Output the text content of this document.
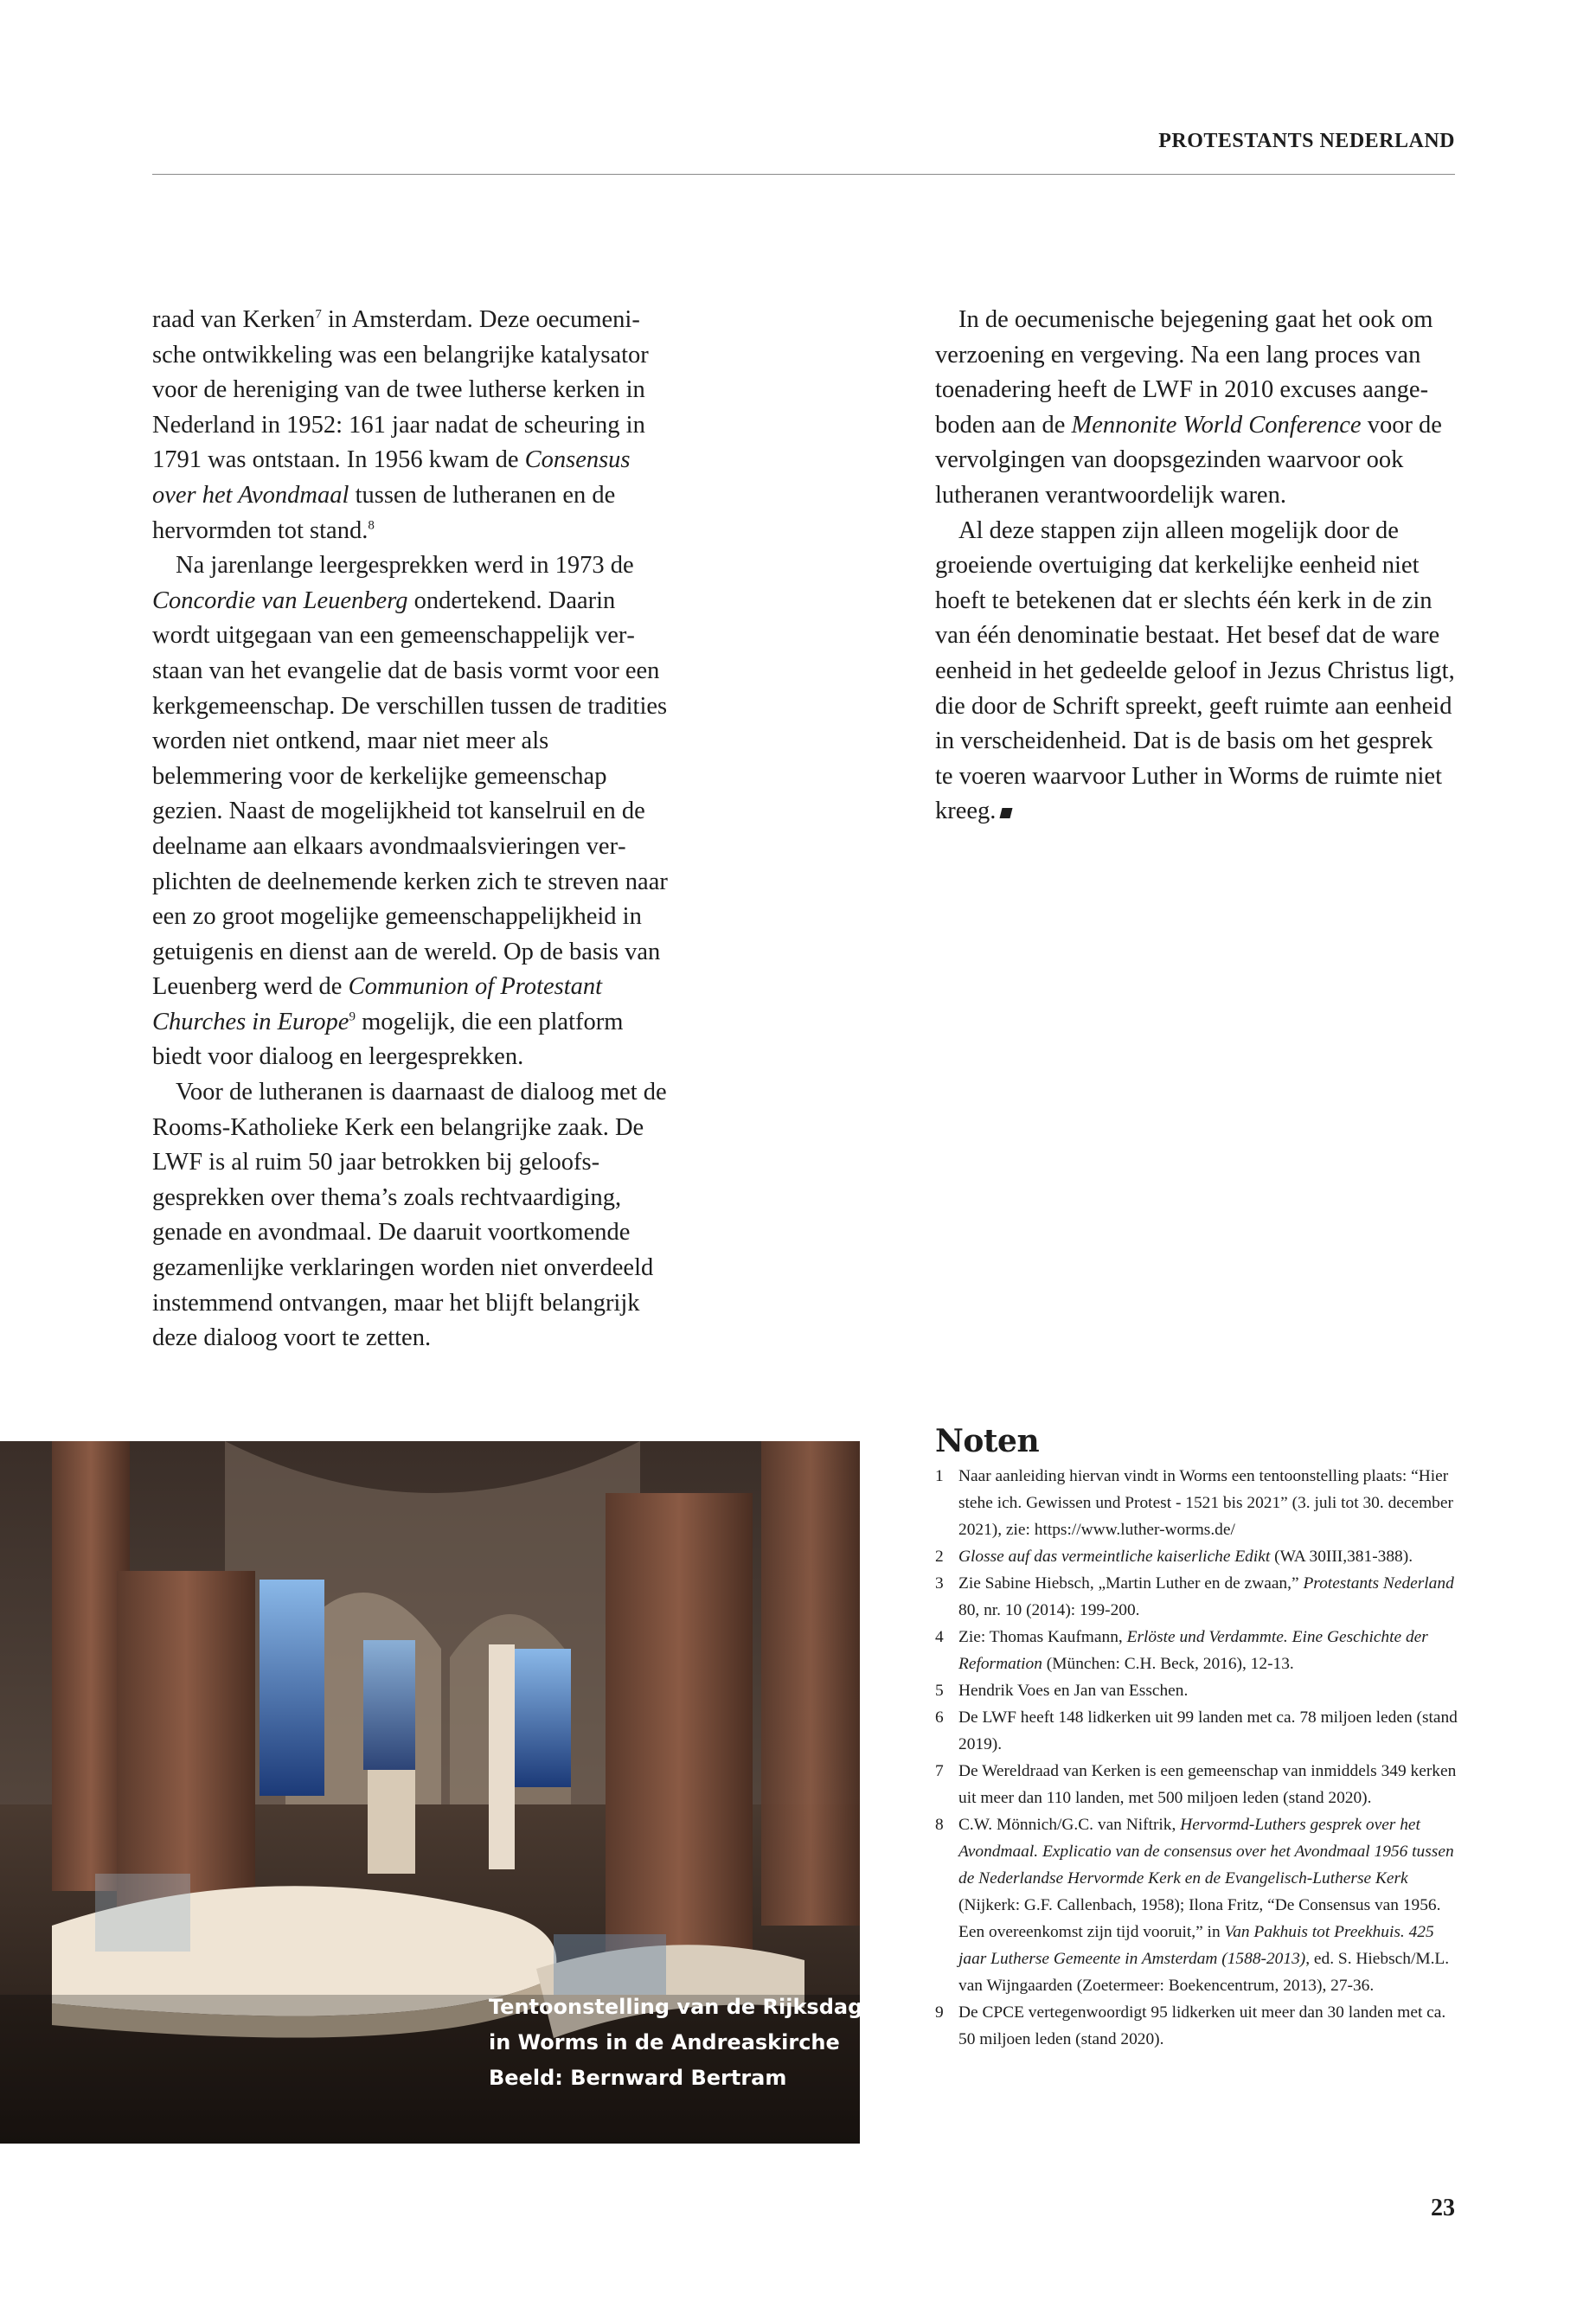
PROTESTANTS NEDERLAND

raad van Kerken$^7$ in Amsterdam. Deze oecumenische ontwikkeling was een belangrijke katalysator voor de hereniging van de twee lutherse kerken in Nederland in 1952: 161 jaar nadat de scheuring in 1791 was ontstaan. In 1956 kwam de Consensus over het Avondmaal tussen de lutheranen en de hervormden tot stand.$^8$

Na jarenlange leergesprekken werd in 1973 de Concordie van Leuenberg ondertekend. Daarin wordt uitgegaan van een gemeenschappelijk verstaan van het evangelie dat de basis vormt voor een kerkgemeenschap. De verschillen tussen de tradities worden niet ontkend, maar niet meer als belemmering voor de kerkelijke gemeenschap gezien. Naast de mogelijkheid tot kanselruil en de deelname aan elkaars avondmaalsvieringen verplichten de deelnemende kerken zich te streven naar een zo groot mogelijke gemeenschappelijkheid in getuigenis en dienst aan de wereld. Op de basis van Leuenberg werd de Communion of Protestant Churches in Europe$^9$ mogelijk, die een platform biedt voor dialoog en leergesprekken.

Voor de lutheranen is daarnaast de dialoog met de Rooms-Katholieke Kerk een belangrijke zaak. De LWF is al ruim 50 jaar betrokken bij geloofsgesprekken over thema’s zoals rechtvaardiging, genade en avondmaal. De daaruit voortkomende gezamenlijke verklaringen worden niet onverdeeld instemmend ontvangen, maar het blijft belangrijk deze dialoog voort te zetten.

In de oecumenische bejegening gaat het ook om verzoening en vergeving. Na een lang proces van toenadering heeft de LWF in 2010 excuses aangeboden aan de Mennonite World Conference voor de vervolgingen van doopsgezinden waarvoor ook lutheranen verantwoordelijk waren.

Al deze stappen zijn alleen mogelijk door de groeiende overtuiging dat kerkelijke eenheid niet hoeft te betekenen dat er slechts één kerk in de zin van één denominatie bestaat. Het besef dat de ware eenheid in het gedeelde geloof in Jezus Christus ligt, die door de Schrift spreekt, geeft ruimte aan eenheid in verscheidenheid. Dat is de basis om het gesprek te voeren waarvoor Luther in Worms de ruimte niet kreeg.

Tentoonstelling van de Rijksdag
in Worms in de Andreaskirche
Beeld: Bernward Bertram
Noten
1 Naar aanleiding hiervan vindt in Worms een tentoonstelling plaats: “Hier stehe ich. Gewissen und Protest - 1521 bis 2021” (3. juli tot 30. december 2021), zie: https://www.luther-worms.de/
2 Glosse auf das vermeintliche kaiserliche Edikt (WA 30III,381-388).
3 Zie Sabine Hiebsch, „Martin Luther en de zwaan,” Protestants Nederland 80, nr. 10 (2014): 199-200.
4 Zie: Thomas Kaufmann, Erlöste und Verdammte. Eine Geschichte der Reformation (München: C.H. Beck, 2016), 12-13.
5 Hendrik Voes en Jan van Esschen.
6 De LWF heeft 148 lidkerken uit 99 landen met ca. 78 miljoen leden (stand 2019).
7 De Wereldraad van Kerken is een gemeenschap van inmiddels 349 kerken uit meer dan 110 landen, met 500 miljoen leden (stand 2020).
8 C.W. Mönnich/G.C. van Niftrik, Hervormd-Luthers gesprek over het Avondmaal. Explicatio van de consensus over het Avondmaal 1956 tussen de Nederlandse Hervormde Kerk en de Evangelisch-Lutherse Kerk (Nijkerk: G.F. Callenbach, 1958); Ilona Fritz, “De Consensus van 1956. Een overeenkomst zijn tijd vooruit,” in Van Pakhuis tot Preekhuis. 425 jaar Lutherse Gemeente in Amsterdam (1588-2013), ed. S. Hiebsch/M.L. van Wijngaarden (Zoetermeer: Boekencentrum, 2013), 27-36.
9 De CPCE vertegenwoordigt 95 lidkerken uit meer dan 30 landen met ca. 50 miljoen leden (stand 2020).
23
